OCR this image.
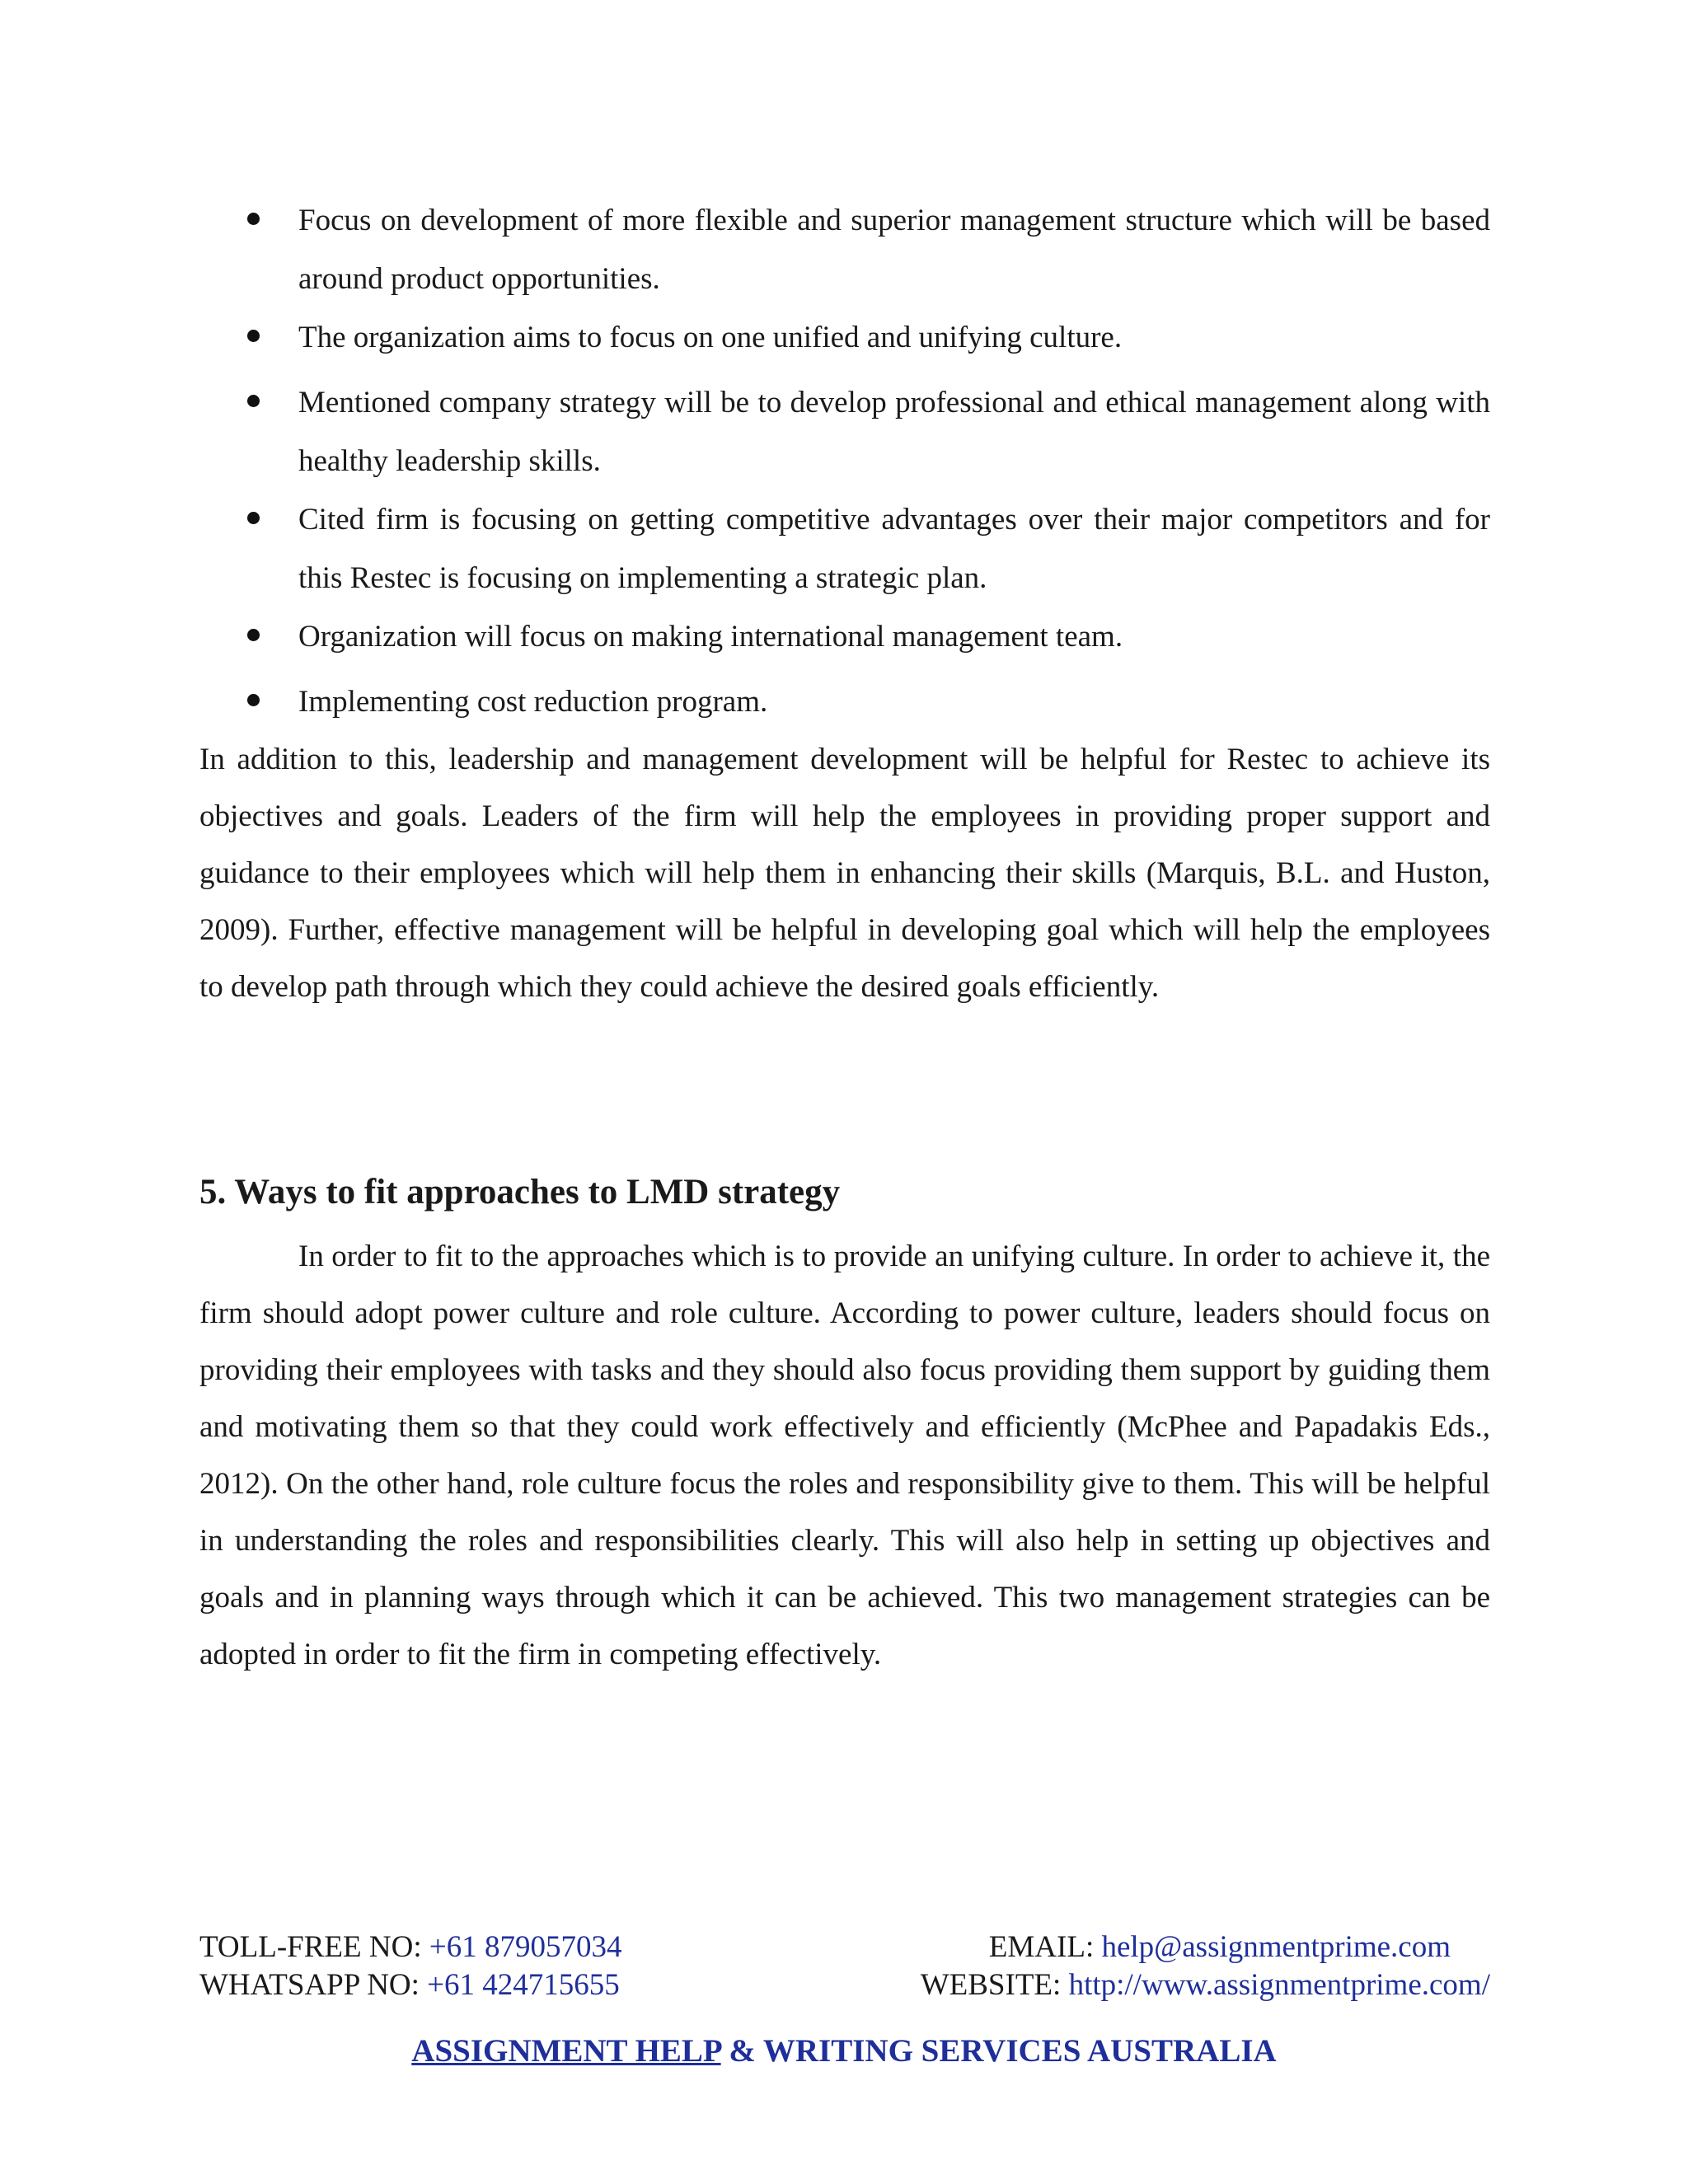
Focus on development of more flexible and superior management structure which will be based around product opportunities.
The organization aims to focus on one unified and unifying culture.
Mentioned company strategy will be to develop professional and ethical management along with healthy leadership skills.
Cited firm is focusing on getting competitive advantages over their major competitors and for this Restec is focusing on implementing a strategic plan.
Organization will focus on making international management team.
Implementing cost reduction program.

In addition to this, leadership and management development will be helpful for Restec to achieve its objectives and goals. Leaders of the firm will help the employees in providing proper support and guidance to their employees which will help them in enhancing their skills (Marquis, B.L. and Huston, 2009). Further, effective management will be helpful in developing goal which will help the employees to develop path through which they could achieve the desired goals efficiently.

5. Ways to fit approaches to LMD strategy

In order to fit to the approaches which is to provide an unifying culture. In order to achieve it, the firm should adopt power culture and role culture. According to power culture, leaders should focus on providing their employees with tasks and they should also focus providing them support by guiding them and motivating them so that they could work effectively and efficiently (McPhee and Papadakis Eds., 2012). On the other hand, role culture focus the roles and responsibility give to them. This will be helpful in understanding the roles and responsibilities clearly. This will also help in setting up objectives and goals and in planning ways through which it can be achieved. This two management strategies can be adopted in order to fit the firm in competing effectively.

TOLL-FREE NO: +61 879057034	EMAIL: help@assignmentprime.com
WHATSAPP NO: +61 424715655	WEBSITE: http://www.assignmentprime.com/
ASSIGNMENT HELP & WRITING SERVICES AUSTRALIA
